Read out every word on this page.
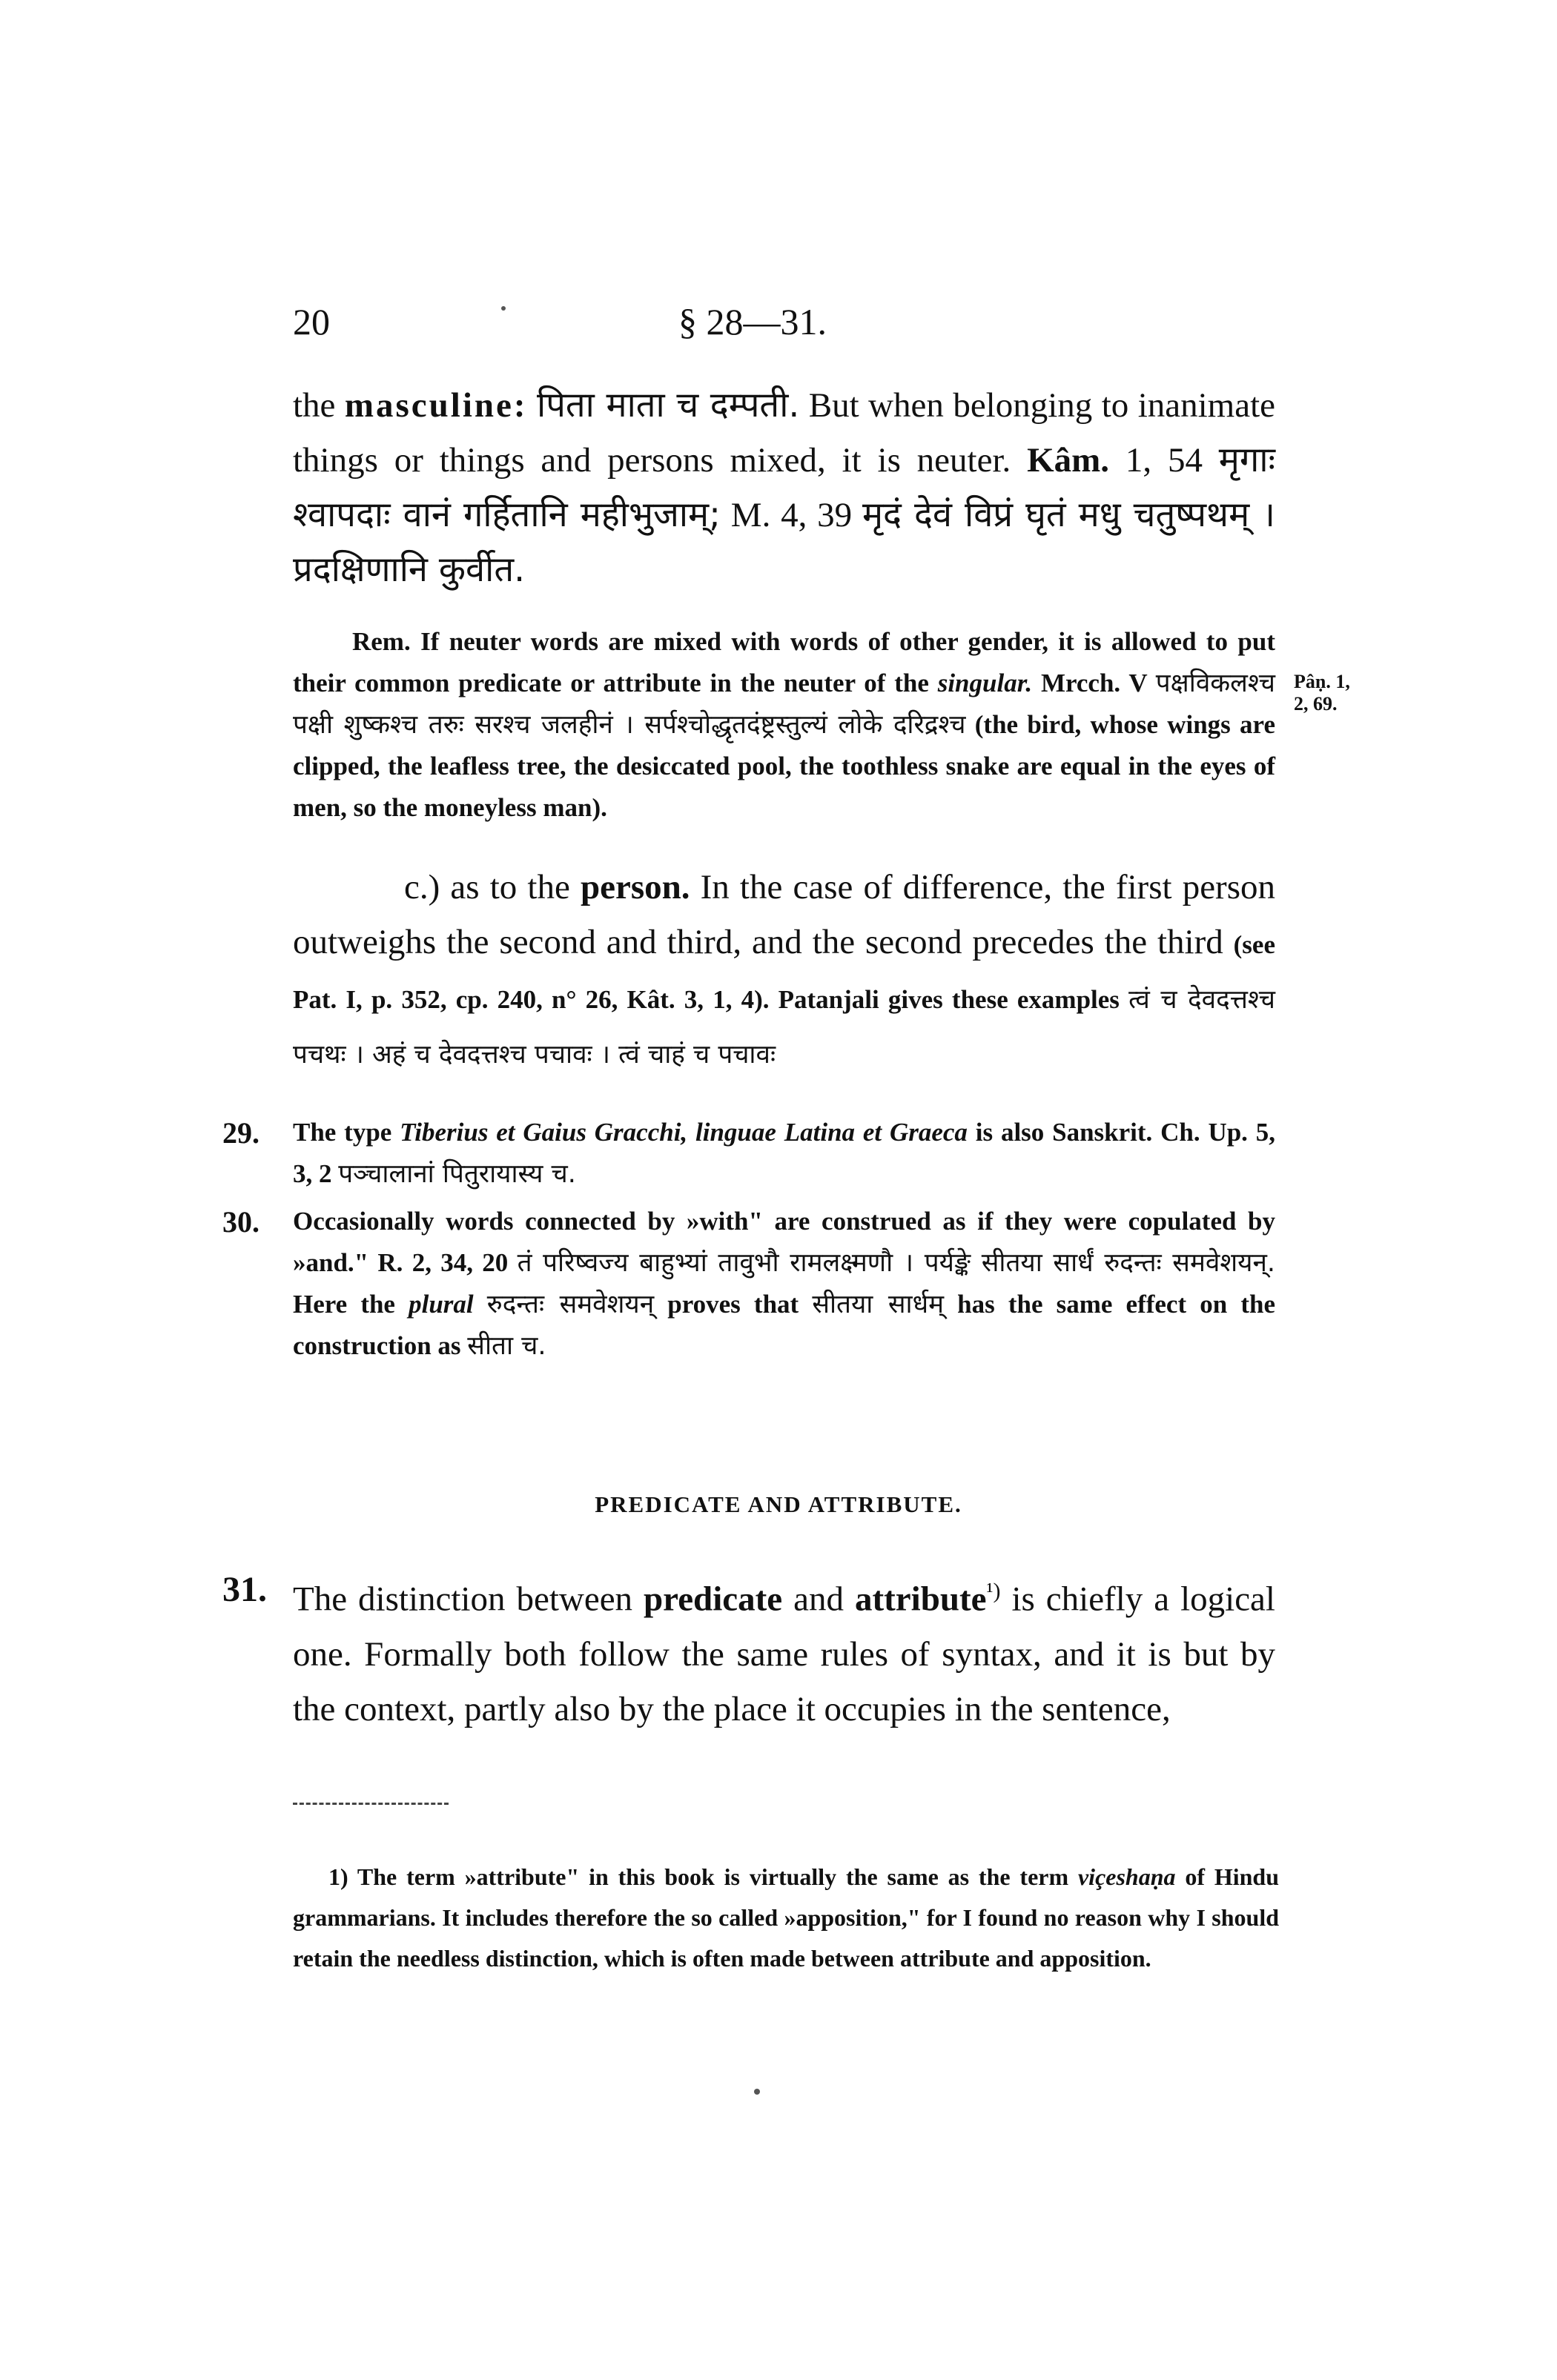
20	§ 28—31.
the masculine: पिता माता च दम्पती. But when belonging to inanimate things or things and persons mixed, it is neuter. Kâm. 1, 54 मृगाः श्वापदाः वानं गर्हितानि महीभुजाम्; M. 4, 39 मृदं देवं विप्रं घृतं मधु चतुष्पथम् । प्रदक्षिणानि कुर्वीत.
Rem. If neuter words are mixed with words of other gender, it is allowed to put their common predicate or attribute in the neuter of the singular. Mrcch. V पक्षविकलश्च पक्षी शुष्कश्च तरुः सरश्च जलहीनं । सर्पश्चोद्धृतदंष्ट्रस्तुल्यं लोके दरिद्रश्च (the bird, whose wings are clipped, the leafless tree, the desiccated pool, the toothless snake are equal in the eyes of men, so the moneyless man).
Pâṇ. 1,
2, 69.
c.) as to the person. In the case of difference, the first person outweighs the second and third, and the second precedes the third (see Pat. I, p. 352, cp. 240, n° 26, Kât. 3, 1, 4). Patanjali gives these examples त्वं च देवदत्तश्च पचथः । अहं च देवदत्तश्च पचावः । त्वं चाहं च पचावः
29. The type Tiberius et Gaius Gracchi, linguae Latina et Graeca is also Sanskrit. Ch. Up. 5, 3, 2 पञ्चालानां पितुरायास्य च.
30. Occasionally words connected by »with" are construed as if they were copulated by »and." R. 2, 34, 20 तं परिष्वज्य बाहुभ्यां तावुभौ रामलक्ष्मणौ । पर्यङ्के सीतया सार्धं रुदन्तः समवेशयन्. Here the plural रुदन्तः समवेशयन् proves that सीतया सार्धम् has the same effect on the construction as सीता च.
PREDICATE AND ATTRIBUTE.
31. The distinction between predicate and attribute$^{^1)}$ is chiefly a logical one. Formally both follow the same rules of syntax, and it is but by the context, partly also by the place it occupies in the sentence,
1) The term »attribute" in this book is virtually the same as the term viçeshaṇa of Hindu grammarians. It includes therefore the so called »apposition," for I found no reason why I should retain the needless distinction, which is often made between attribute and apposition.
